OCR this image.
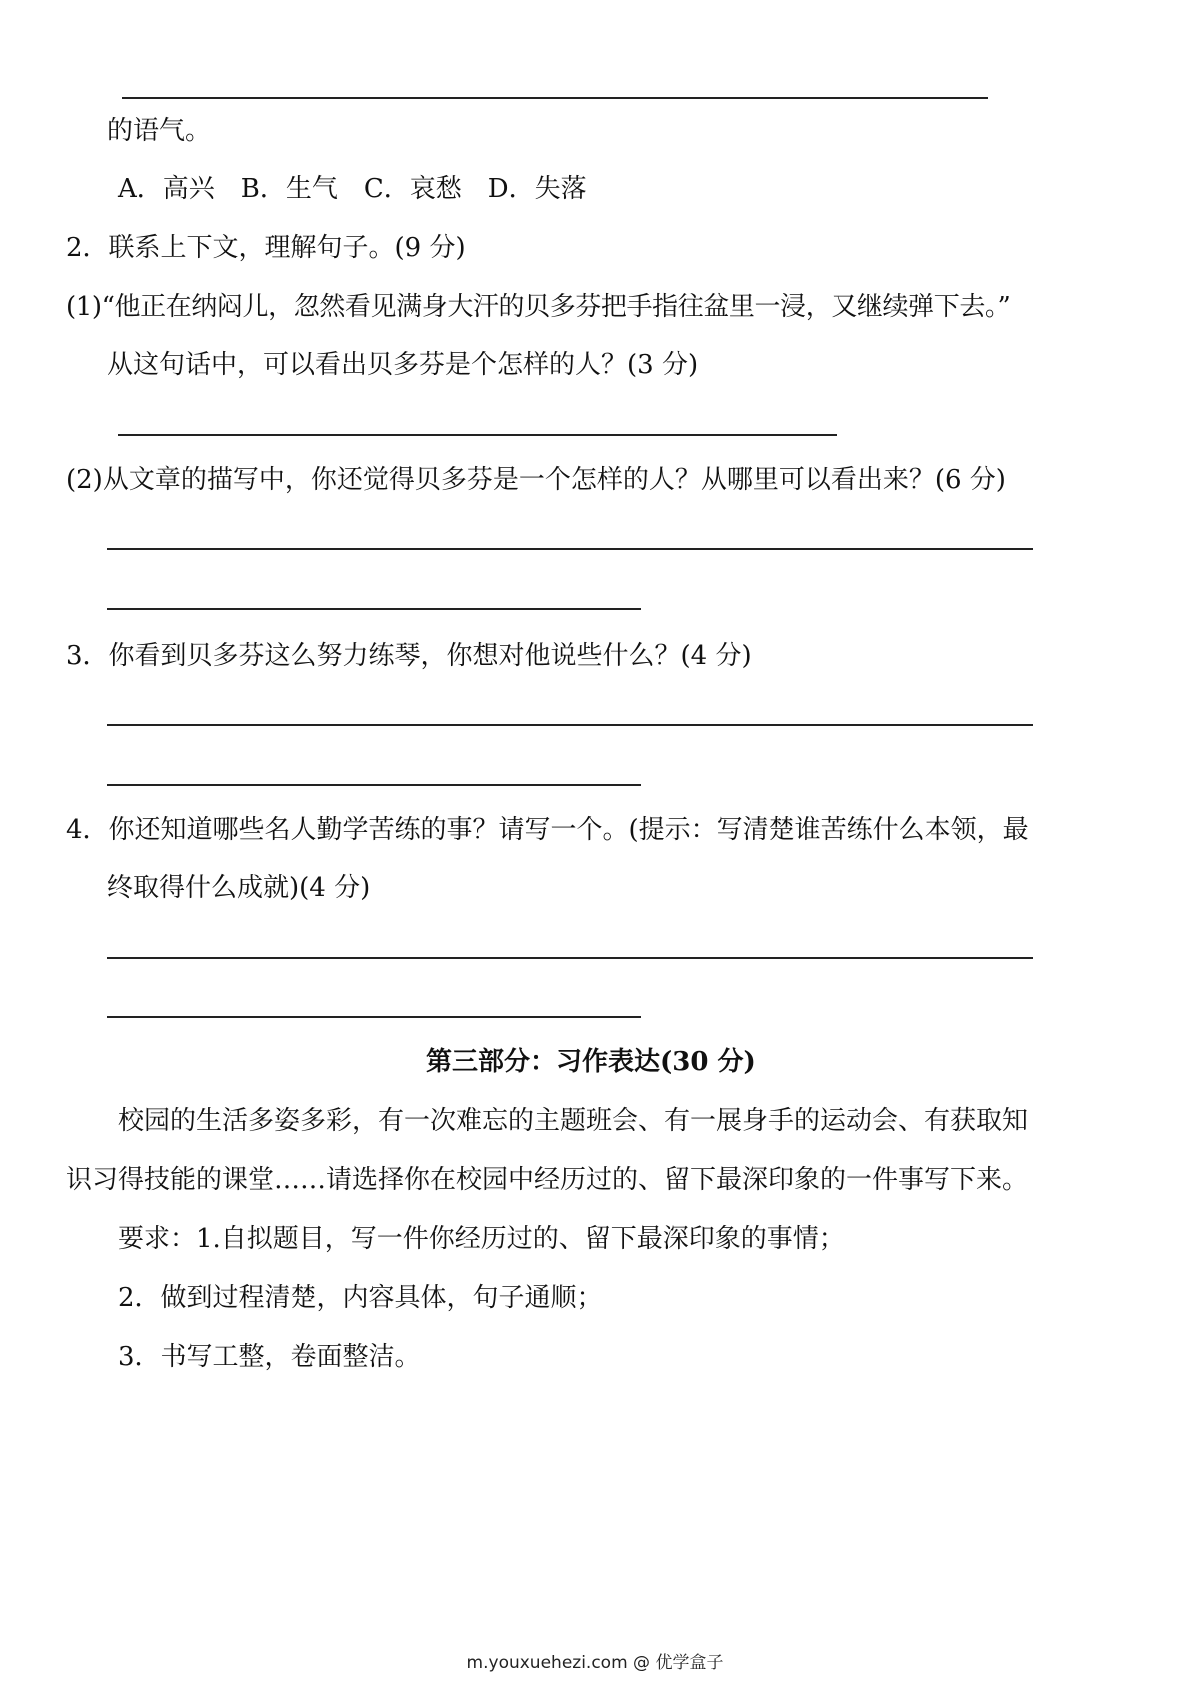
的语气。
A．高兴　B．生气　C．哀愁　D．失落
2．联系上下文，理解句子。(9 分)
(1)“他正在纳闷儿，忽然看见满身大汗的贝多芬把手指往盆里一浸，又继续弹下去。”
从这句话中，可以看出贝多芬是个怎样的人？(3 分)
(2)从文章的描写中，你还觉得贝多芬是一个怎样的人？从哪里可以看出来？(6 分)
3．你看到贝多芬这么努力练琴，你想对他说些什么？(4 分)
4．你还知道哪些名人勤学苦练的事？请写一个。(提示：写清楚谁苦练什么本领，最
终取得什么成就)(4 分)
第三部分：习作表达(30 分)
校园的生活多姿多彩，有一次难忘的主题班会、有一展身手的运动会、有获取知
识习得技能的课堂……请选择你在校园中经历过的、留下最深印象的一件事写下来。
要求：1.自拟题目，写一件你经历过的、留下最深印象的事情；
2．做到过程清楚，内容具体，句子通顺；
3．书写工整，卷面整洁。
m.youxuehezi.com @ 优学盒子
